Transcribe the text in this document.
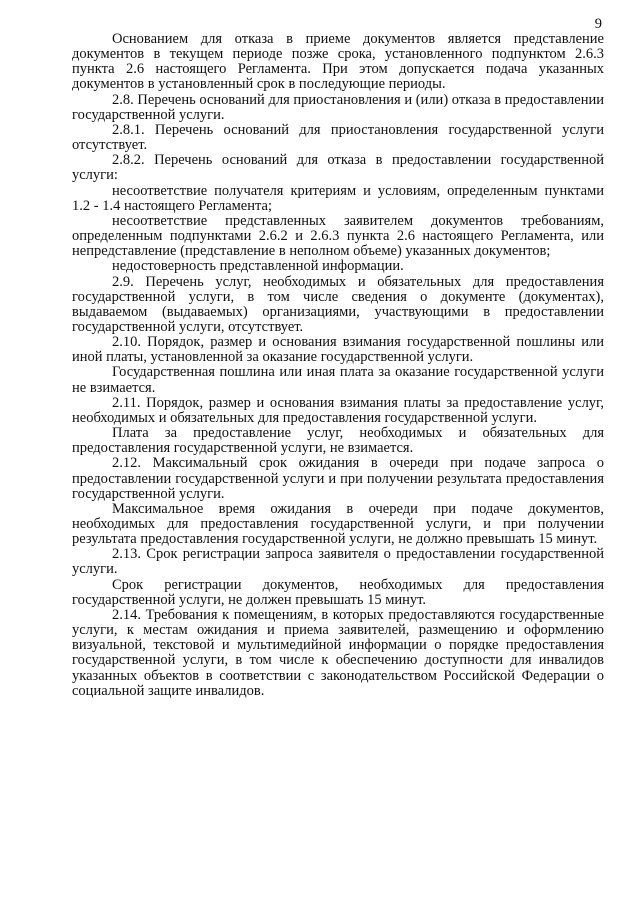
9

Основанием для отказа в приеме документов является представление документов в текущем периоде позже срока, установленного подпунктом 2.6.3 пункта 2.6 настоящего Регламента. При этом допускается подача указанных документов в установленный срок в последующие периоды.

2.8. Перечень оснований для приостановления и (или) отказа в предоставлении государственной услуги.

2.8.1. Перечень оснований для приостановления государственной услуги отсутствует.

2.8.2. Перечень оснований для отказа в предоставлении государственной услуги:

несоответствие получателя критериям и условиям, определенным пунктами 1.2 - 1.4 настоящего Регламента;

несоответствие представленных заявителем документов требованиям, определенным подпунктами 2.6.2 и 2.6.3 пункта 2.6 настоящего Регламента, или непредставление (представление в неполном объеме) указанных документов;

недостоверность представленной информации.

2.9. Перечень услуг, необходимых и обязательных для предоставления государственной услуги, в том числе сведения о документе (документах), выдаваемом (выдаваемых) организациями, участвующими в предоставлении государственной услуги, отсутствует.

2.10. Порядок, размер и основания взимания государственной пошлины или иной платы, установленной за оказание государственной услуги.

Государственная пошлина или иная плата за оказание государственной услуги не взимается.

2.11. Порядок, размер и основания взимания платы за предоставление услуг, необходимых и обязательных для предоставления государственной услуги.

Плата за предоставление услуг, необходимых и обязательных для предоставления государственной услуги, не взимается.

2.12. Максимальный срок ожидания в очереди при подаче запроса о предоставлении государственной услуги и при получении результата предоставления государственной услуги.

Максимальное время ожидания в очереди при подаче документов, необходимых для предоставления государственной услуги, и при получении результата предоставления государственной услуги, не должно превышать 15 минут.

2.13. Срок регистрации запроса заявителя о предоставлении государственной услуги.

Срок регистрации документов, необходимых для предоставления государственной услуги, не должен превышать 15 минут.

2.14. Требования к помещениям, в которых предоставляются государственные услуги, к местам ожидания и приема заявителей, размещению и оформлению визуальной, текстовой и мультимедийной информации о порядке предоставления государственной услуги, в том числе к обеспечению доступности для инвалидов указанных объектов в соответствии с законодательством Российской Федерации о социальной защите инвалидов.
